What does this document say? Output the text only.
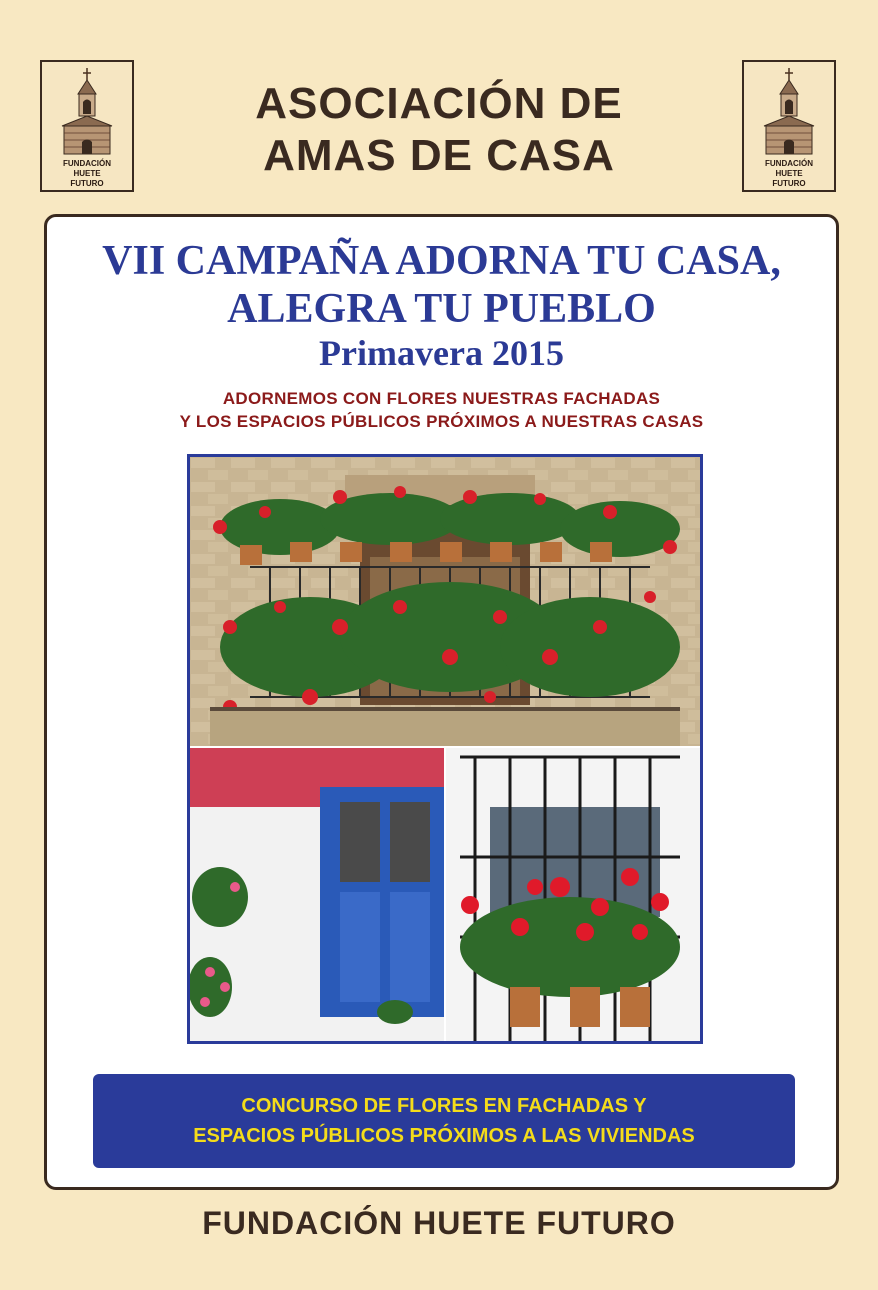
FUNDACIÓN
HUETE
FUTURO
FUNDACIÓN
HUETE
FUTURO
ASOCIACIÓN DE
AMAS DE CASA
VII CAMPAÑA ADORNA TU CASA,
ALEGRA TU PUEBLO
Primavera 2015
ADORNEMOS CON FLORES NUESTRAS FACHADAS
Y LOS ESPACIOS PÚBLICOS PRÓXIMOS A NUESTRAS CASAS
CONCURSO DE FLORES EN FACHADAS Y
ESPACIOS PÚBLICOS PRÓXIMOS A LAS VIVIENDAS
FUNDACIÓN HUETE FUTURO
